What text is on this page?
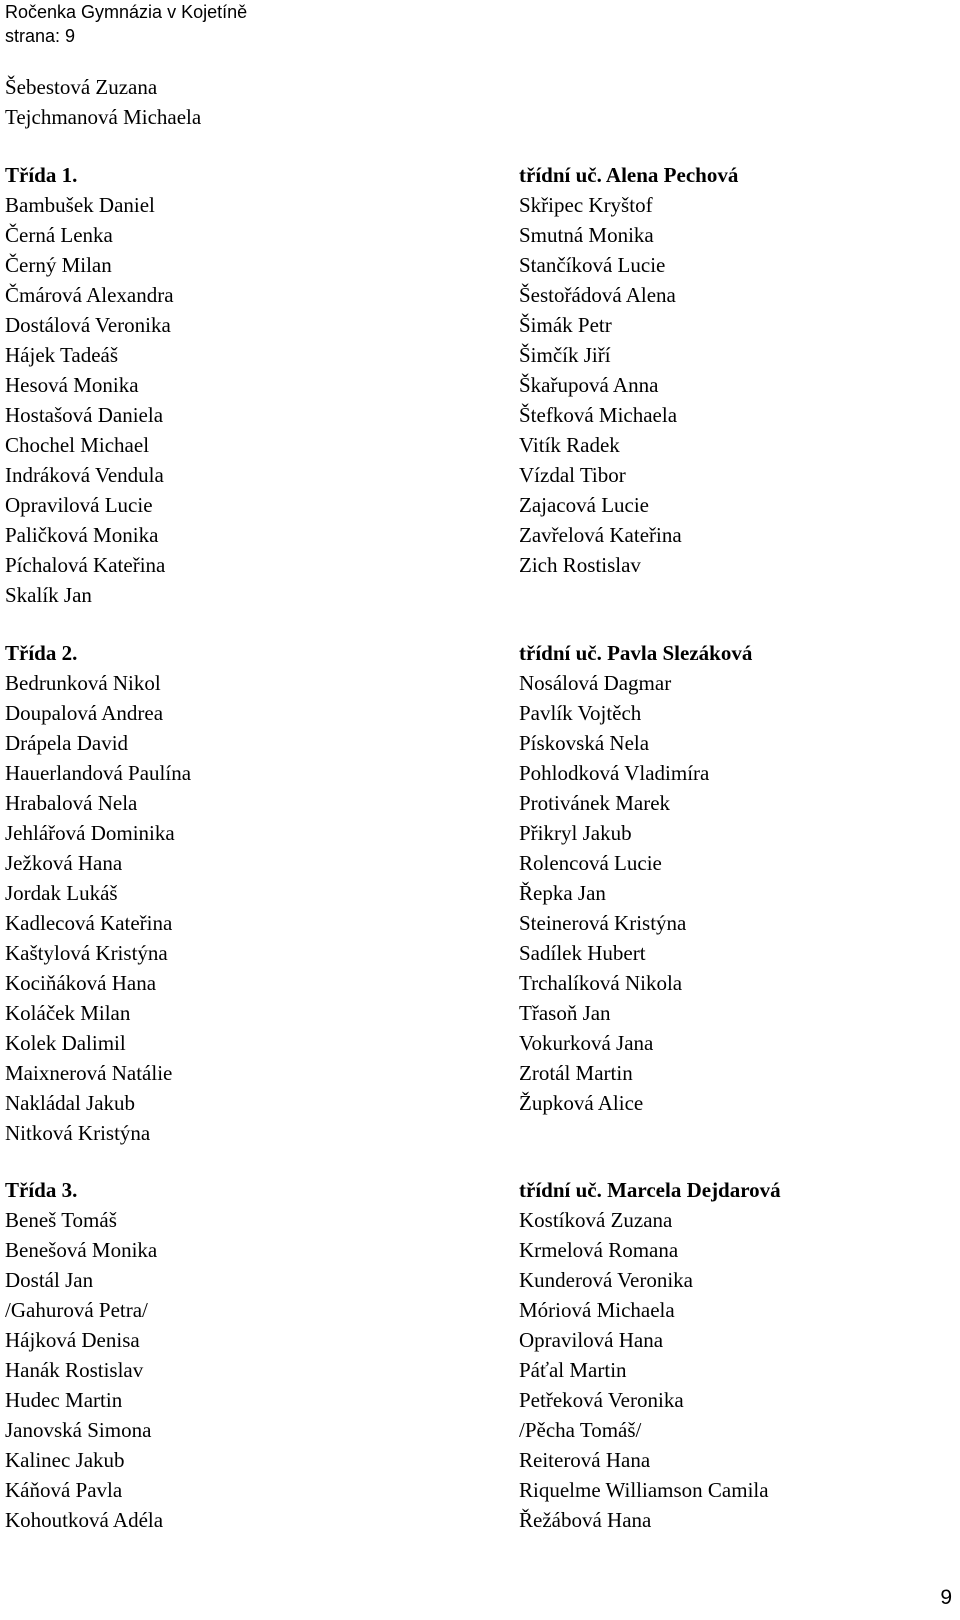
Ročenka Gymnázia v Kojetíně
strana: 9
Šebestová Zuzana
Tejchmanová Michaela
Třída 1.
Bambušek Daniel
Černá Lenka
Černý Milan
Čmárová Alexandra
Dostálová Veronika
Hájek Tadeáš
Hesová Monika
Hostašová Daniela
Chochel Michael
Indráková Vendula
Opravilová Lucie
Paličková Monika
Píchalová Kateřina
Skalík Jan
třídní uč. Alena Pechová
Skřipec Kryštof
Smutná Monika
Stančíková Lucie
Šestořádová Alena
Šimák Petr
Šimčík Jiří
Škařupová Anna
Štefková Michaela
Vitík Radek
Vízdal Tibor
Zajacová Lucie
Zavřelová Kateřina
Zich Rostislav
Třída 2.
Bedrunková Nikol
Doupalová Andrea
Drápela David
Hauerlandová Paulína
Hrabalová Nela
Jehlářová Dominika
Ježková Hana
Jordak Lukáš
Kadlecová Kateřina
Kaštylová Kristýna
Kociňáková Hana
Koláček Milan
Kolek Dalimil
Maixnerová Natálie
Nakládal Jakub
Nitková Kristýna
třídní uč. Pavla Slezáková
Nosálová Dagmar
Pavlík Vojtěch
Pískovská Nela
Pohlodková Vladimíra
Protivánek Marek
Přikryl Jakub
Rolencová Lucie
Řepka Jan
Steinerová Kristýna
Sadílek Hubert
Trchalíková Nikola
Třasoň Jan
Vokurková Jana
Zrotál Martin
Župková Alice
Třída 3.
Beneš Tomáš
Benešová Monika
Dostál Jan
/Gahurová Petra/
Hájková Denisa
Hanák Rostislav
Hudec Martin
Janovská Simona
Kalinec Jakub
Káňová Pavla
Kohoutková Adéla
třídní uč. Marcela Dejdarová
Kostíková Zuzana
Krmelová Romana
Kunderová Veronika
Móriová Michaela
Opravilová Hana
Páťal Martin
Petřeková Veronika
/Pěcha Tomáš/
Reiterová Hana
Riquelme Williamson Camila
Řežábová Hana
9
